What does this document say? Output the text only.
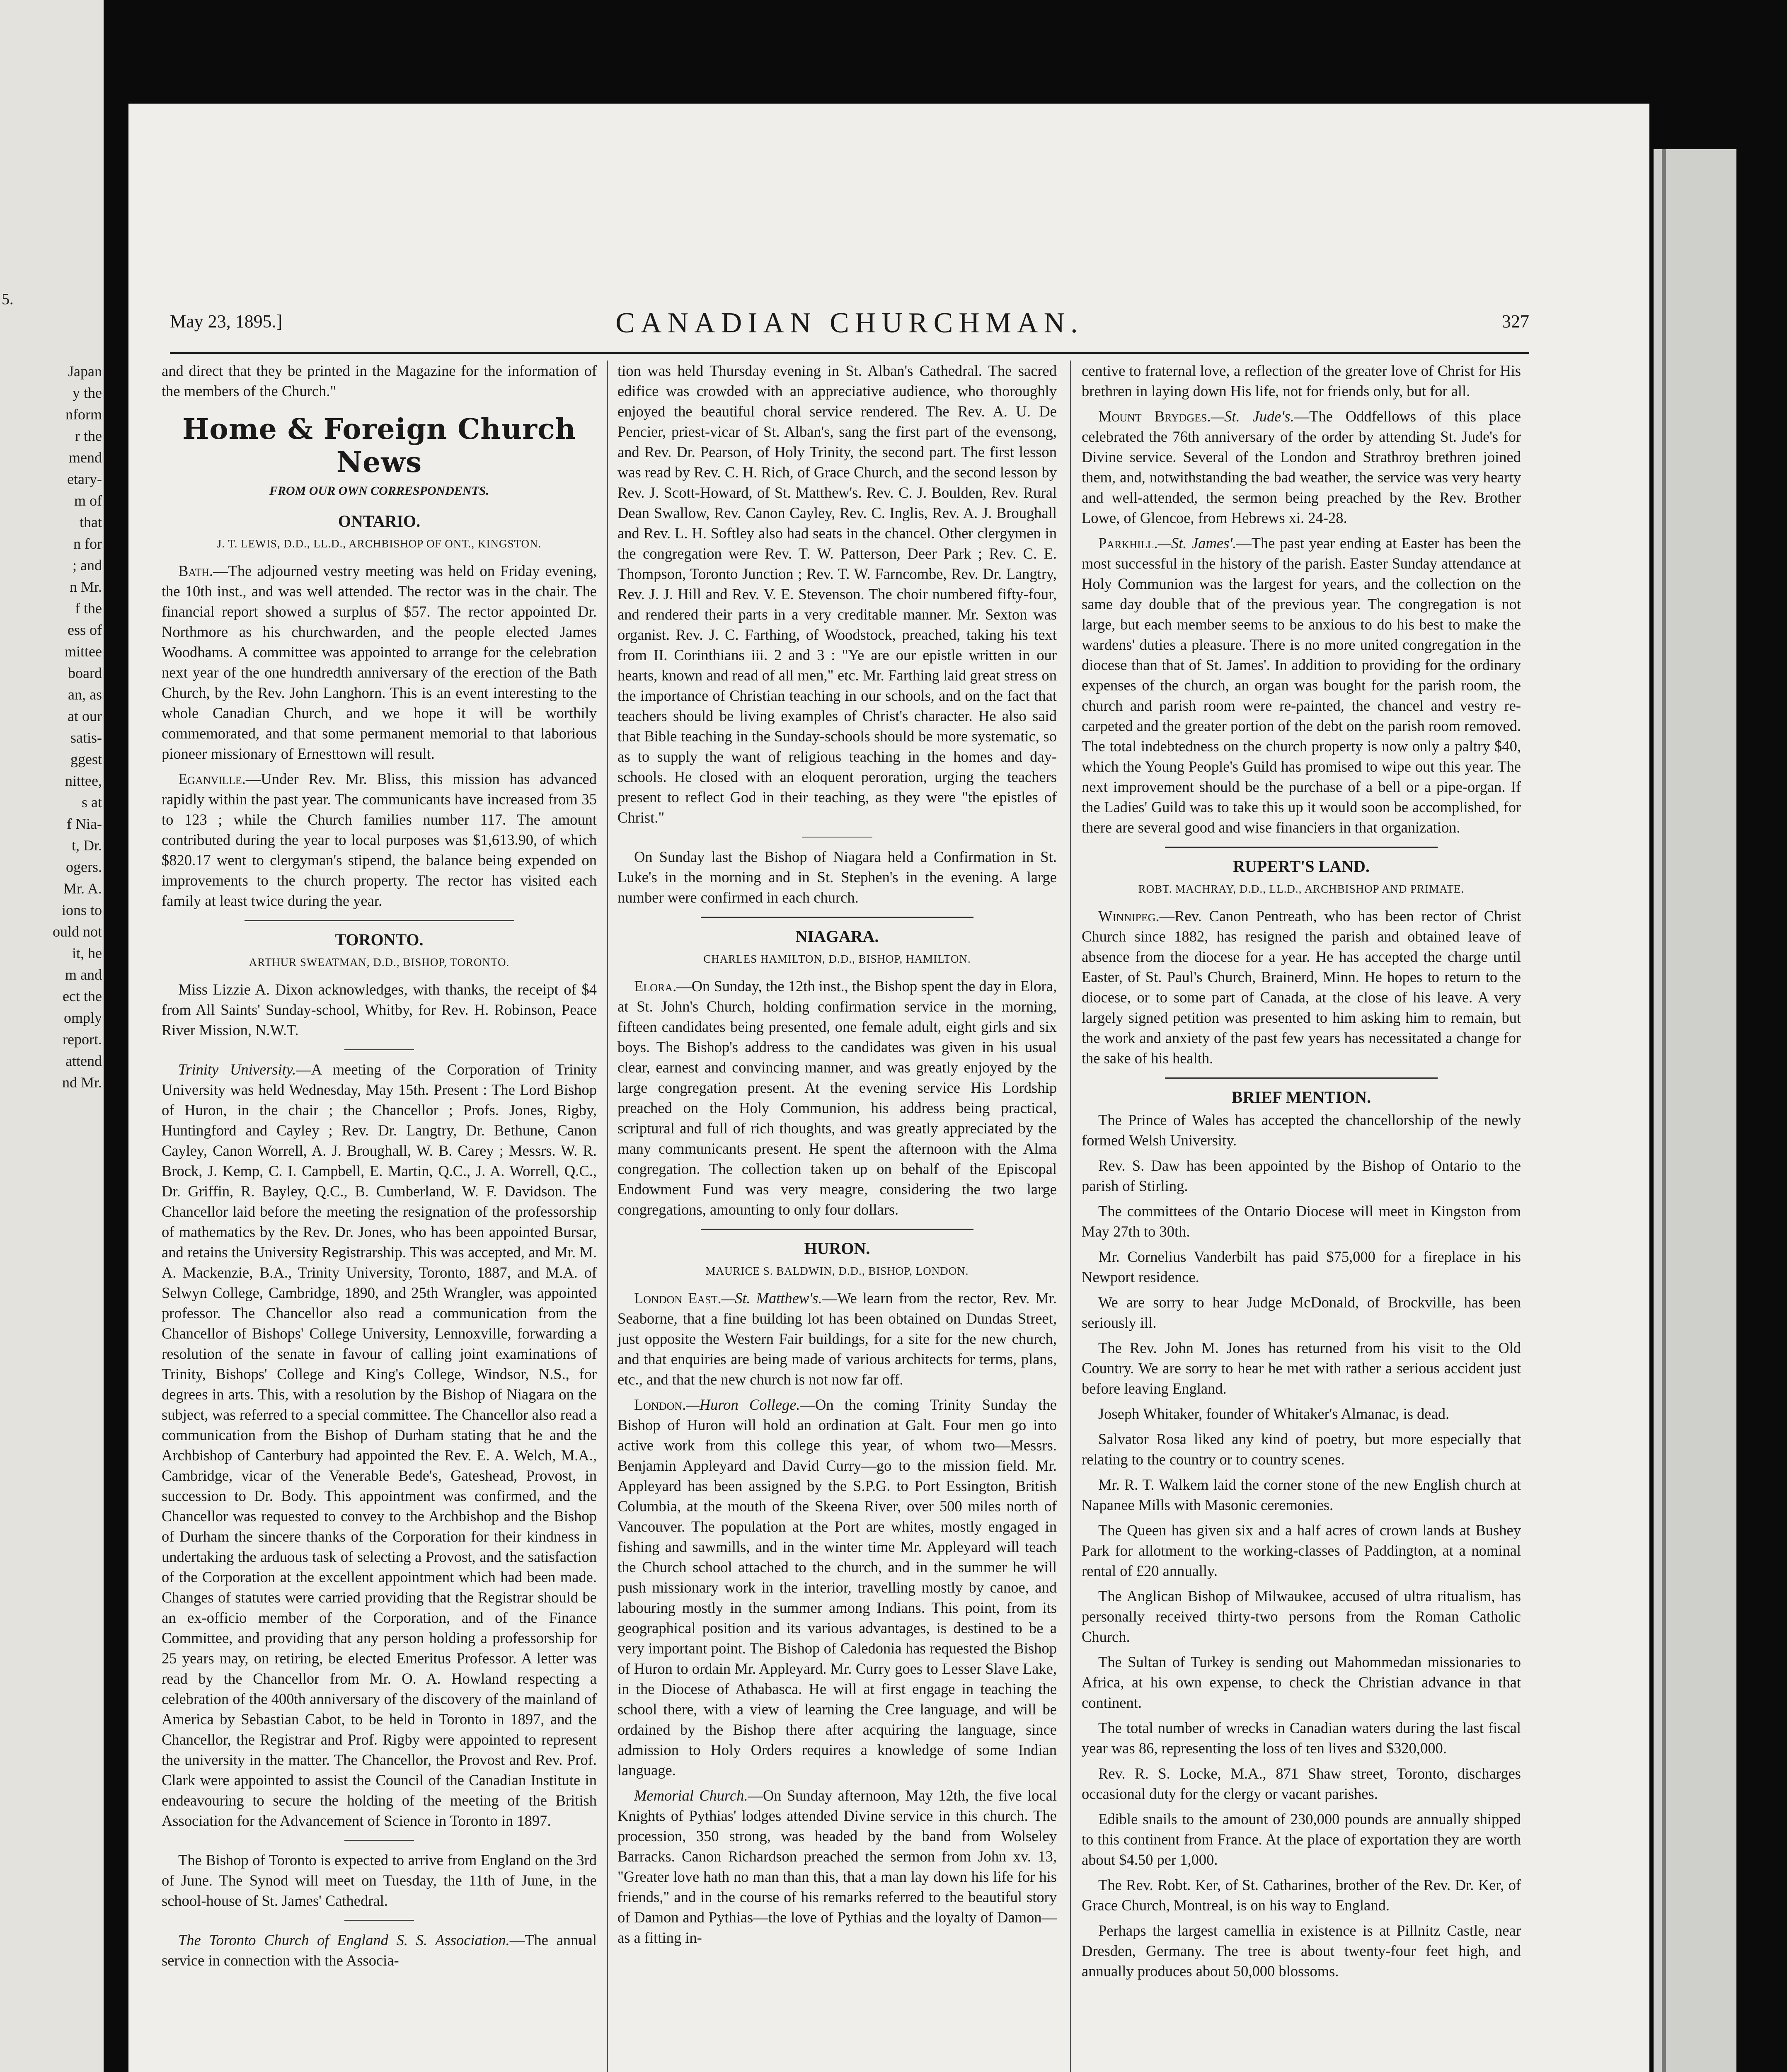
5.
Japan
y the
nform
r the
mend
etary-
m of
that
n for
; and
n Mr.
f the
ess of
mittee
board
an, as
at our
satis-
ggest
nittee,
s at
f Nia-
t, Dr.
ogers.
Mr. A.
ions to
ould not
it, he
m and
ect the
omply
report.
attend
nd Mr.
May 23, 1895.]	CANADIAN CHURCHMAN.	327

and direct that they be printed in the Magazine for the information of the members of the Church."

Home & Foreign Church News
FROM OUR OWN CORRESPONDENTS.
ONTARIO.
J. T. LEWIS, D.D., LL.D., ARCHBISHOP OF ONT., KINGSTON.

Bath.—The adjourned vestry meeting was held on Friday evening, the 10th inst., and was well attended. The rector was in the chair. The financial report showed a surplus of $57. The rector appointed Dr. Northmore as his churchwarden, and the people elected James Woodhams. A committee was appointed to arrange for the celebration next year of the one hundredth anniversary of the erection of the Bath Church, by the Rev. John Langhorn. This is an event interesting to the whole Canadian Church, and we hope it will be worthily commemorated, and that some permanent memorial to that laborious pioneer missionary of Ernesttown will result.

Eganville.—Under Rev. Mr. Bliss, this mission has advanced rapidly within the past year. The communicants have increased from 35 to 123 ; while the Church families number 117. The amount contributed during the year to local purposes was $1,613.90, of which $820.17 went to clergyman's stipend, the balance being expended on improvements to the church property. The rector has visited each family at least twice during the year.

TORONTO.
ARTHUR SWEATMAN, D.D., BISHOP, TORONTO.

Miss Lizzie A. Dixon acknowledges, with thanks, the receipt of $4 from All Saints' Sunday-school, Whitby, for Rev. H. Robinson, Peace River Mission, N.W.T.

Trinity University.—A meeting of the Corporation of Trinity University was held Wednesday, May 15th. Present : The Lord Bishop of Huron, in the chair ; the Chancellor ; Profs. Jones, Rigby, Huntingford and Cayley ; Rev. Dr. Langtry, Dr. Bethune, Canon Cayley, Canon Worrell, A. J. Broughall, W. B. Carey ; Messrs. W. R. Brock, J. Kemp, C. I. Campbell, E. Martin, Q.C., J. A. Worrell, Q.C., Dr. Griffin, R. Bayley, Q.C., B. Cumberland, W. F. Davidson. The Chancellor laid before the meeting the resignation of the professorship of mathematics by the Rev. Dr. Jones, who has been appointed Bursar, and retains the University Registrarship. This was accepted, and Mr. M. A. Mackenzie, B.A., Trinity University, Toronto, 1887, and M.A. of Selwyn College, Cambridge, 1890, and 25th Wrangler, was appointed professor. The Chancellor also read a communication from the Chancellor of Bishops' College University, Lennoxville, forwarding a resolution of the senate in favour of calling joint examinations of Trinity, Bishops' College and King's College, Windsor, N.S., for degrees in arts. This, with a resolution by the Bishop of Niagara on the subject, was referred to a special committee. The Chancellor also read a communication from the Bishop of Durham stating that he and the Archbishop of Canterbury had appointed the Rev. E. A. Welch, M.A., Cambridge, vicar of the Venerable Bede's, Gateshead, Provost, in succession to Dr. Body. This appointment was confirmed, and the Chancellor was requested to convey to the Archbishop and the Bishop of Durham the sincere thanks of the Corporation for their kindness in undertaking the arduous task of selecting a Provost, and the satisfaction of the Corporation at the excellent appointment which had been made. Changes of statutes were carried providing that the Registrar should be an ex-officio member of the Corporation, and of the Finance Committee, and providing that any person holding a professorship for 25 years may, on retiring, be elected Emeritus Professor. A letter was read by the Chancellor from Mr. O. A. Howland respecting a celebration of the 400th anniversary of the discovery of the mainland of America by Sebastian Cabot, to be held in Toronto in 1897, and the Chancellor, the Registrar and Prof. Rigby were appointed to represent the university in the matter. The Chancellor, the Provost and Rev. Prof. Clark were appointed to assist the Council of the Canadian Institute in endeavouring to secure the holding of the meeting of the British Association for the Advancement of Science in Toronto in 1897.

The Bishop of Toronto is expected to arrive from England on the 3rd of June. The Synod will meet on Tuesday, the 11th of June, in the school-house of St. James' Cathedral.

The Toronto Church of England S. S. Association.—The annual service in connection with the Associa-

tion was held Thursday evening in St. Alban's Cathedral. The sacred edifice was crowded with an appreciative audience, who thoroughly enjoyed the beautiful choral service rendered. The Rev. A. U. De Pencier, priest-vicar of St. Alban's, sang the first part of the evensong, and Rev. Dr. Pearson, of Holy Trinity, the second part. The first lesson was read by Rev. C. H. Rich, of Grace Church, and the second lesson by Rev. J. Scott-Howard, of St. Matthew's. Rev. C. J. Boulden, Rev. Rural Dean Swallow, Rev. Canon Cayley, Rev. C. Inglis, Rev. A. J. Broughall and Rev. L. H. Softley also had seats in the chancel. Other clergymen in the congregation were Rev. T. W. Patterson, Deer Park ; Rev. C. E. Thompson, Toronto Junction ; Rev. T. W. Farncombe, Rev. Dr. Langtry, Rev. J. J. Hill and Rev. V. E. Stevenson. The choir numbered fifty-four, and rendered their parts in a very creditable manner. Mr. Sexton was organist. Rev. J. C. Farthing, of Woodstock, preached, taking his text from II. Corinthians iii. 2 and 3 : "Ye are our epistle written in our hearts, known and read of all men," etc. Mr. Farthing laid great stress on the importance of Christian teaching in our schools, and on the fact that teachers should be living examples of Christ's character. He also said that Bible teaching in the Sunday-schools should be more systematic, so as to supply the want of religious teaching in the homes and day-schools. He closed with an eloquent peroration, urging the teachers present to reflect God in their teaching, as they were "the epistles of Christ."

On Sunday last the Bishop of Niagara held a Confirmation in St. Luke's in the morning and in St. Stephen's in the evening. A large number were confirmed in each church.

NIAGARA.
CHARLES HAMILTON, D.D., BISHOP, HAMILTON.

Elora.—On Sunday, the 12th inst., the Bishop spent the day in Elora, at St. John's Church, holding confirmation service in the morning, fifteen candidates being presented, one female adult, eight girls and six boys. The Bishop's address to the candidates was given in his usual clear, earnest and convincing manner, and was greatly enjoyed by the large congregation present. At the evening service His Lordship preached on the Holy Communion, his address being practical, scriptural and full of rich thoughts, and was greatly appreciated by the many communicants present. He spent the afternoon with the Alma congregation. The collection taken up on behalf of the Episcopal Endowment Fund was very meagre, considering the two large congregations, amounting to only four dollars.

HURON.
MAURICE S. BALDWIN, D.D., BISHOP, LONDON.

London East.—St. Matthew's.—We learn from the rector, Rev. Mr. Seaborne, that a fine building lot has been obtained on Dundas Street, just opposite the Western Fair buildings, for a site for the new church, and that enquiries are being made of various architects for terms, plans, etc., and that the new church is not now far off.

London.—Huron College.—On the coming Trinity Sunday the Bishop of Huron will hold an ordination at Galt. Four men go into active work from this college this year, of whom two—Messrs. Benjamin Appleyard and David Curry—go to the mission field. Mr. Appleyard has been assigned by the S.P.G. to Port Essington, British Columbia, at the mouth of the Skeena River, over 500 miles north of Vancouver. The population at the Port are whites, mostly engaged in fishing and sawmills, and in the winter time Mr. Appleyard will teach the Church school attached to the church, and in the summer he will push missionary work in the interior, travelling mostly by canoe, and labouring mostly in the summer among Indians. This point, from its geographical position and its various advantages, is destined to be a very important point. The Bishop of Caledonia has requested the Bishop of Huron to ordain Mr. Appleyard. Mr. Curry goes to Lesser Slave Lake, in the Diocese of Athabasca. He will at first engage in teaching the school there, with a view of learning the Cree language, and will be ordained by the Bishop there after acquiring the language, since admission to Holy Orders requires a knowledge of some Indian language.

Memorial Church.—On Sunday afternoon, May 12th, the five local Knights of Pythias' lodges attended Divine service in this church. The procession, 350 strong, was headed by the band from Wolseley Barracks. Canon Richardson preached the sermon from John xv. 13, "Greater love hath no man than this, that a man lay down his life for his friends," and in the course of his remarks referred to the beautiful story of Damon and Pythias—the love of Pythias and the loyalty of Damon—as a fitting in-

centive to fraternal love, a reflection of the greater love of Christ for His brethren in laying down His life, not for friends only, but for all.

Mount Brydges.—St. Jude's.—The Oddfellows of this place celebrated the 76th anniversary of the order by attending St. Jude's for Divine service. Several of the London and Strathroy brethren joined them, and, notwithstanding the bad weather, the service was very hearty and well-attended, the sermon being preached by the Rev. Brother Lowe, of Glencoe, from Hebrews xi. 24-28.

Parkhill.—St. James'.—The past year ending at Easter has been the most successful in the history of the parish. Easter Sunday attendance at Holy Communion was the largest for years, and the collection on the same day double that of the previous year. The congregation is not large, but each member seems to be anxious to do his best to make the wardens' duties a pleasure. There is no more united congregation in the diocese than that of St. James'. In addition to providing for the ordinary expenses of the church, an organ was bought for the parish room, the church and parish room were re-painted, the chancel and vestry re-carpeted and the greater portion of the debt on the parish room removed. The total indebtedness on the church property is now only a paltry $40, which the Young People's Guild has promised to wipe out this year. The next improvement should be the purchase of a bell or a pipe-organ. If the Ladies' Guild was to take this up it would soon be accomplished, for there are several good and wise financiers in that organization.

RUPERT'S LAND.
ROBT. MACHRAY, D.D., LL.D., ARCHBISHOP AND PRIMATE.

Winnipeg.—Rev. Canon Pentreath, who has been rector of Christ Church since 1882, has resigned the parish and obtained leave of absence from the diocese for a year. He has accepted the charge until Easter, of St. Paul's Church, Brainerd, Minn. He hopes to return to the diocese, or to some part of Canada, at the close of his leave. A very largely signed petition was presented to him asking him to remain, but the work and anxiety of the past few years has necessitated a change for the sake of his health.

BRIEF MENTION.

The Prince of Wales has accepted the chancellorship of the newly formed Welsh University.

Rev. S. Daw has been appointed by the Bishop of Ontario to the parish of Stirling.

The committees of the Ontario Diocese will meet in Kingston from May 27th to 30th.

Mr. Cornelius Vanderbilt has paid $75,000 for a fireplace in his Newport residence.

We are sorry to hear Judge McDonald, of Brockville, has been seriously ill.

The Rev. John M. Jones has returned from his visit to the Old Country. We are sorry to hear he met with rather a serious accident just before leaving England.

Joseph Whitaker, founder of Whitaker's Almanac, is dead.

Salvator Rosa liked any kind of poetry, but more especially that relating to the country or to country scenes.

Mr. R. T. Walkem laid the corner stone of the new English church at Napanee Mills with Masonic ceremonies.

The Queen has given six and a half acres of crown lands at Bushey Park for allotment to the working-classes of Paddington, at a nominal rental of £20 annually.

The Anglican Bishop of Milwaukee, accused of ultra ritualism, has personally received thirty-two persons from the Roman Catholic Church.

The Sultan of Turkey is sending out Mahommedan missionaries to Africa, at his own expense, to check the Christian advance in that continent.

The total number of wrecks in Canadian waters during the last fiscal year was 86, representing the loss of ten lives and $320,000.

Rev. R. S. Locke, M.A., 871 Shaw street, Toronto, discharges occasional duty for the clergy or vacant parishes.

Edible snails to the amount of 230,000 pounds are annually shipped to this continent from France. At the place of exportation they are worth about $4.50 per 1,000.

The Rev. Robt. Ker, of St. Catharines, brother of the Rev. Dr. Ker, of Grace Church, Montreal, is on his way to England.

Perhaps the largest camellia in existence is at Pillnitz Castle, near Dresden, Germany. The tree is about twenty-four feet high, and annually produces about 50,000 blossoms.
